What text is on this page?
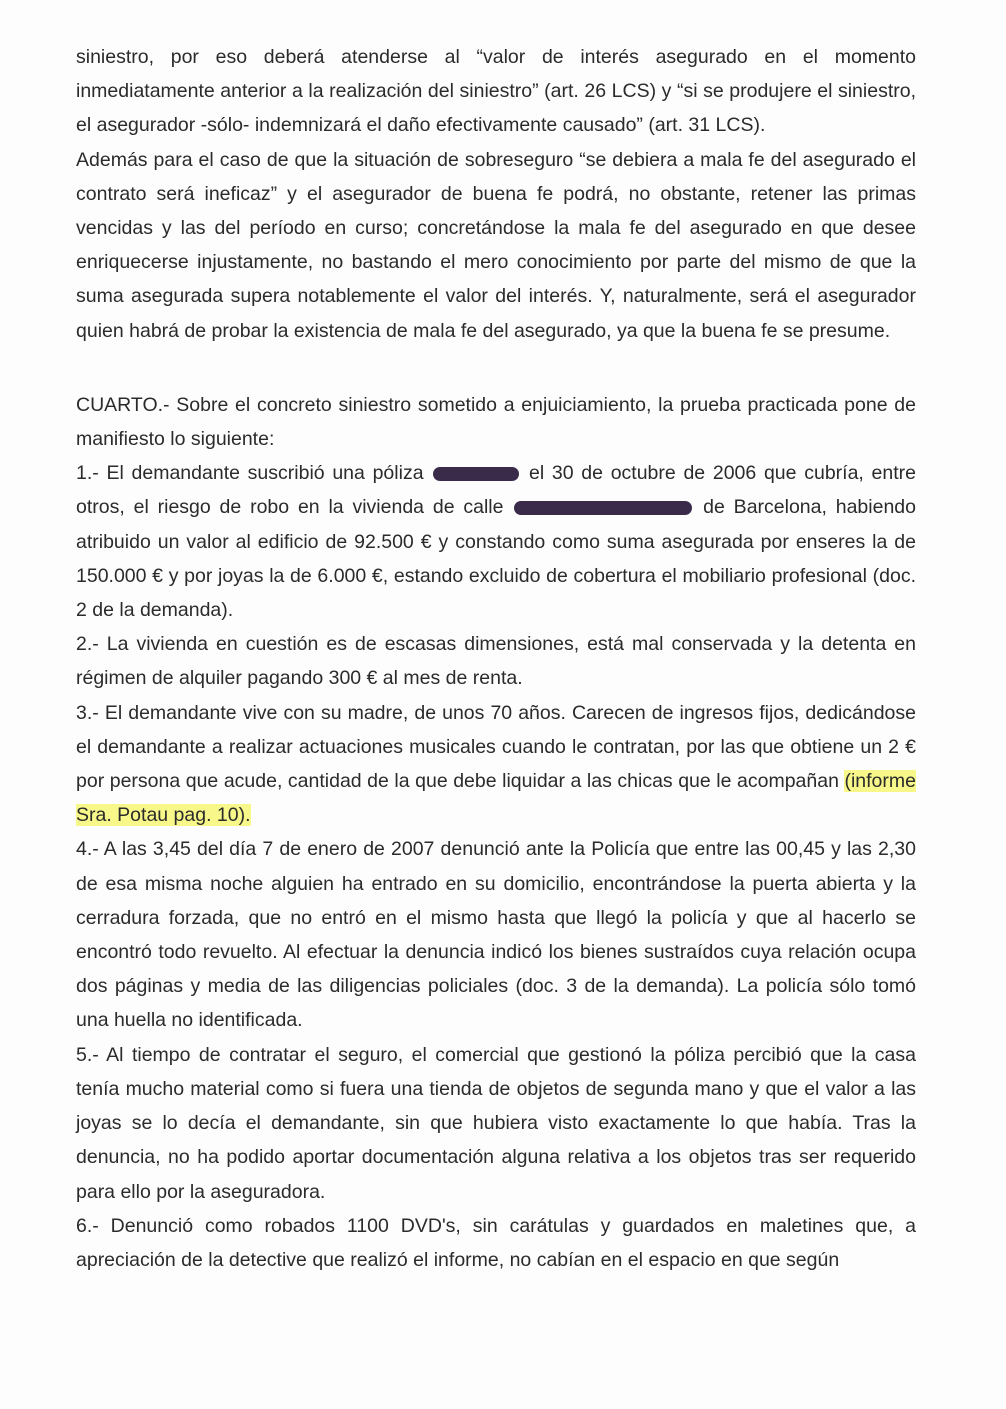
siniestro, por eso deberá atenderse al “valor de interés asegurado en el momento inmediatamente anterior a la realización del siniestro” (art. 26 LCS) y “si se produjere el siniestro, el asegurador -sólo- indemnizará el daño efectivamente causado” (art. 31 LCS).

Además para el caso de que la situación de sobreseguro “se debiera a mala fe del asegurado el contrato será ineficaz” y el asegurador de buena fe podrá, no obstante, retener las primas vencidas y las del período en curso; concretándose la mala fe del asegurado en que desee enriquecerse injustamente, no bastando el mero conocimiento por parte del mismo de que la suma asegurada supera notablemente el valor del interés. Y, naturalmente, será el asegurador quien habrá de probar la existencia de mala fe del asegurado, ya que la buena fe se presume.

CUARTO.- Sobre el concreto siniestro sometido a enjuiciamiento, la prueba practicada pone de manifiesto lo siguiente:

1.- El demandante suscribió una póliza	el 30 de octubre de 2006 que cubría, entre otros, el riesgo de robo en la vivienda de calle	de Barcelona, habiendo atribuido un valor al edificio de 92.500 € y constando como suma asegurada por enseres la de 150.000 € y por joyas la de 6.000 €, estando excluido de cobertura el mobiliario profesional (doc. 2 de la demanda).

2.- La vivienda en cuestión es de escasas dimensiones, está mal conservada y la detenta en régimen de alquiler pagando 300 € al mes de renta.

3.- El demandante vive con su madre, de unos 70 años. Carecen de ingresos fijos, dedicándose el demandante a realizar actuaciones musicales cuando le contratan, por las que obtiene un 2 € por persona que acude, cantidad de la que debe liquidar a las chicas que le acompañan (informe Sra. Potau pag. 10).

4.- A las 3,45 del día 7 de enero de 2007 denunció ante la Policía que entre las 00,45 y las 2,30 de esa misma noche alguien ha entrado en su domicilio, encontrándose la puerta abierta y la cerradura forzada, que no entró en el mismo hasta que llegó la policía y que al hacerlo se encontró todo revuelto. Al efectuar la denuncia indicó los bienes sustraídos cuya relación ocupa dos páginas y media de las diligencias policiales (doc. 3 de la demanda). La policía sólo tomó una huella no identificada.

5.- Al tiempo de contratar el seguro, el comercial que gestionó la póliza percibió que la casa tenía mucho material como si fuera una tienda de objetos de segunda mano y que el valor a las joyas se lo decía el demandante, sin que hubiera visto exactamente lo que había. Tras la denuncia, no ha podido aportar documentación alguna relativa a los objetos tras ser requerido para ello por la aseguradora.

6.- Denunció como robados 1100 DVD's, sin carátulas y guardados en maletines que, a apreciación de la detective que realizó el informe, no cabían en el espacio en que según
